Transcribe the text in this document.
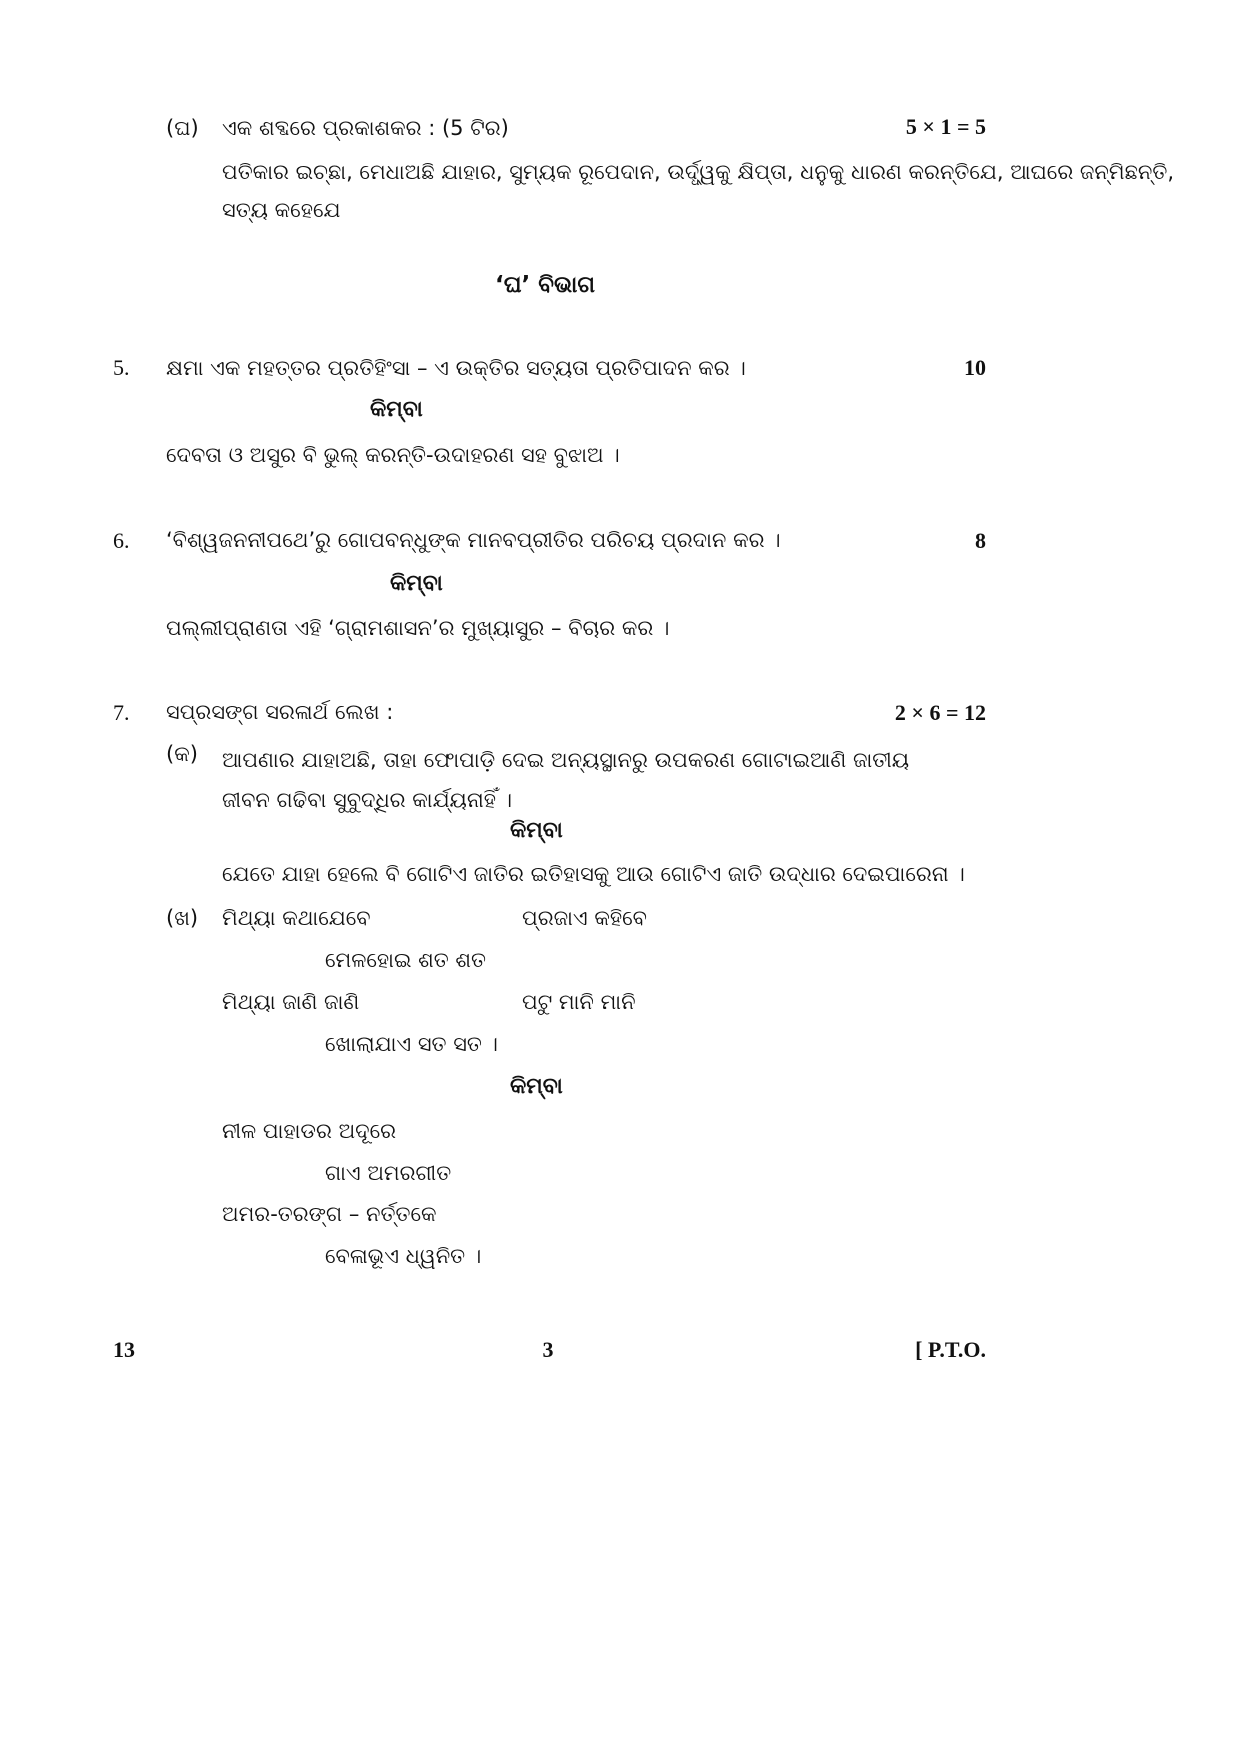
(ଘ) ଏକ ଶବ୍ଦରେ ପ୍ରକାଶକର : (5 ଟିର)	5 × 1 = 5
ପତିକାର ଇଚ୍ଛା, ମେଧାଅଛି ଯାହାର, ସୁମ୍ୟକ ରୂପେଦାନ, ଉର୍ଦ୍ଧ୍ୱକୁ କ୍ଷିପ୍ତା, ଧନୁକୁ ଧାରଣ କରନ୍ତିଯେ, ଆଘରେ ଜନ୍ମିଛନ୍ତି,
ସତ୍ୟ କହେଯେ
‘ଘ’ ବିଭାଗ
5. କ୍ଷମା ଏକ ମହତ୍ତର ପ୍ରତିହିଂସା – ଏ ଉକ୍ତିର ସତ୍ୟତା ପ୍ରତିପାଦନ କର ।	10
କିମ୍ବା
ଦେବତା ଓ ଅସୁର ବି ଭୁଲ୍ କରନ୍ତି-ଉଦାହରଣ ସହ ବୁଝାଅ ।
6. ‘ବିଶ୍ୱଜନନୀପଥେ’ରୁ ଗୋପବନ୍ଧୁଙ୍କ ମାନବପ୍ରୀତିର ପରିଚୟ ପ୍ରଦାନ କର ।	8
କିମ୍ବା
ପଲ୍ଲୀପ୍ରାଣତା ଏହି ‘ଗ୍ରାମଶାସନ’ର ମୁଖ୍ୟାସୁର – ବିଚାର କର ।
7. ସପ୍ରସଙ୍ଗ ସରଳାର୍ଥ ଲେଖ :	2 × 6 = 12
(କ) ଆପଣାର ଯାହାଅଛି, ତାହା ଫୋପାଡ଼ି ଦେଇ ଅନ୍ୟସ୍ଥାନରୁ ଉପକରଣ ଗୋଟାଇଆଣି ଜାତୀୟ ଜୀବନ ଗଢିବା ସୁବୁଦ୍ଧିର କାର୍ଯ୍ୟନାହିଁ ।
କିମ୍ବା
ଯେତେ ଯାହା ହେଲେ ବି ଗୋଟିଏ ଜାତିର ଇତିହାସକୁ ଆଉ ଗୋଟିଏ ଜାତି ଉଦ୍ଧାର ଦେଇପାରେନା ।
(ଖ) ମିଥ୍ୟା କଥାଯେବେ	ପ୍ରଜାଏ କହିବେ
ମେଳହୋଇ ଶତ ଶତ
ମିଥ୍ୟା ଜାଣି ଜାଣି	ପଟୁ ମାନି ମାନି
ଖୋଲାଯାଏ ସତ ସତ ।
କିମ୍ବା
ନୀଳ ପାହାଡର ଅଦୂରେ
ଗାଏ ଅମରଗୀତ
ଅମର-ତରଙ୍ଗ – ନର୍ତ୍ତକେ
ବେଳାଭୂଏ ଧ୍ୱନିତ ।
13	3	[ P.T.O.
